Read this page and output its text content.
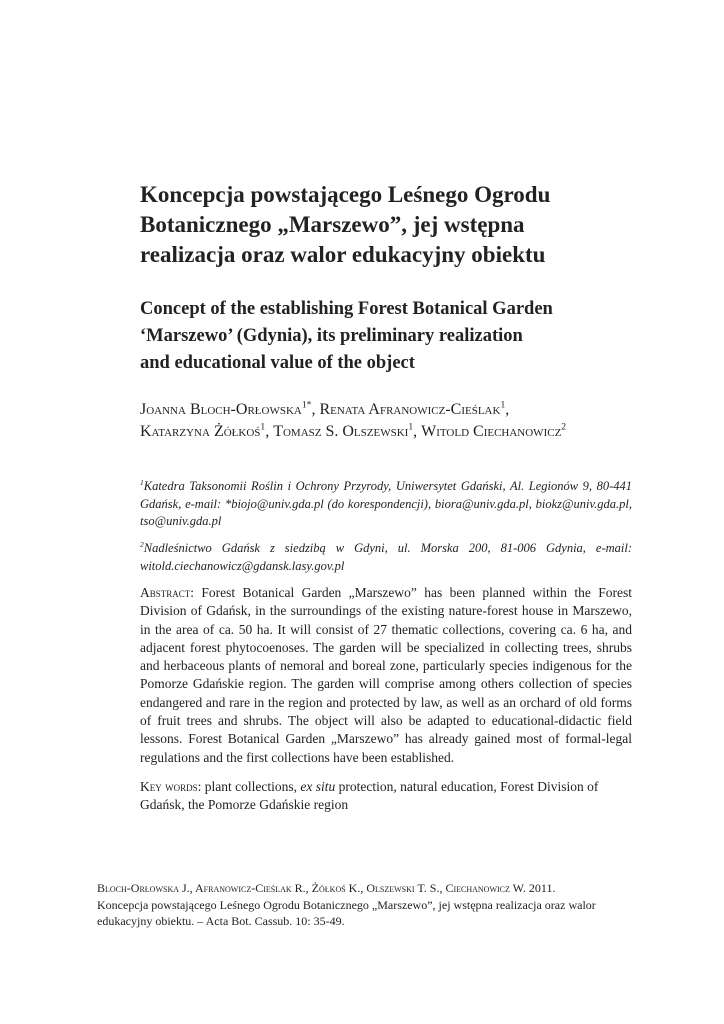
Koncepcja powstającego Leśnego Ogrodu
Botanicznego „Marszewo”, jej wstępna
realizacja oraz walor edukacyjny obiektu
Concept of the establishing Forest Botanical Garden
‘Marszewo’ (Gdynia), its preliminary realization
and educational value of the object

Joanna Bloch-Orłowska$^{1*}$, Renata Afranowicz-Cieślak$^1$,
Katarzyna Żółkoś$^1$, Tomasz S. Olszewski$^1$, Witold Ciechanowicz$^2$

$^1$Katedra Taksonomii Roślin i Ochrony Przyrody, Uniwersytet Gdański, Al. Legionów 9, 80-441 Gdańsk, e-mail: *biojo@univ.gda.pl (do korespondencji), biora@univ.gda.pl, biokz@univ.gda.pl, tso@univ.gda.pl

$^2$Nadleśnictwo Gdańsk z siedzibą w Gdyni, ul. Morska 200, 81-006 Gdynia, e-mail: witold.ciechanowicz@gdansk.lasy.gov.pl

Abstract: Forest Botanical Garden „Marszewo” has been planned within the Forest Division of Gdańsk, in the surroundings of the existing nature-forest house in Marszewo, in the area of ca. 50 ha. It will consist of 27 thematic collections, covering ca. 6 ha, and adjacent forest phytocoenoses. The garden will be specialized in collecting trees, shrubs and herbaceous plants of nemoral and boreal zone, particularly species indigenous for the Pomorze Gdańskie region. The garden will comprise among others collection of species endangered and rare in the region and protected by law, as well as an orchard of old forms of fruit trees and shrubs. The object will also be adapted to educational-didactic field lessons. Forest Botanical Garden „Marszewo” has already gained most of formal-legal regulations and the first collections have been established.

Key words: plant collections, ex situ protection, natural education, Forest Division of Gdańsk, the Pomorze Gdańskie region

Bloch-Orłowska J., Afranowicz-Cieślak R., Żółkoś K., Olszewski T. S., Ciechanowicz W. 2011.
Koncepcja powstającego Leśnego Ogrodu Botanicznego „Marszewo”, jej wstępna realizacja oraz walor edukacyjny obiektu. – Acta Bot. Cassub. 10: 35-49.
